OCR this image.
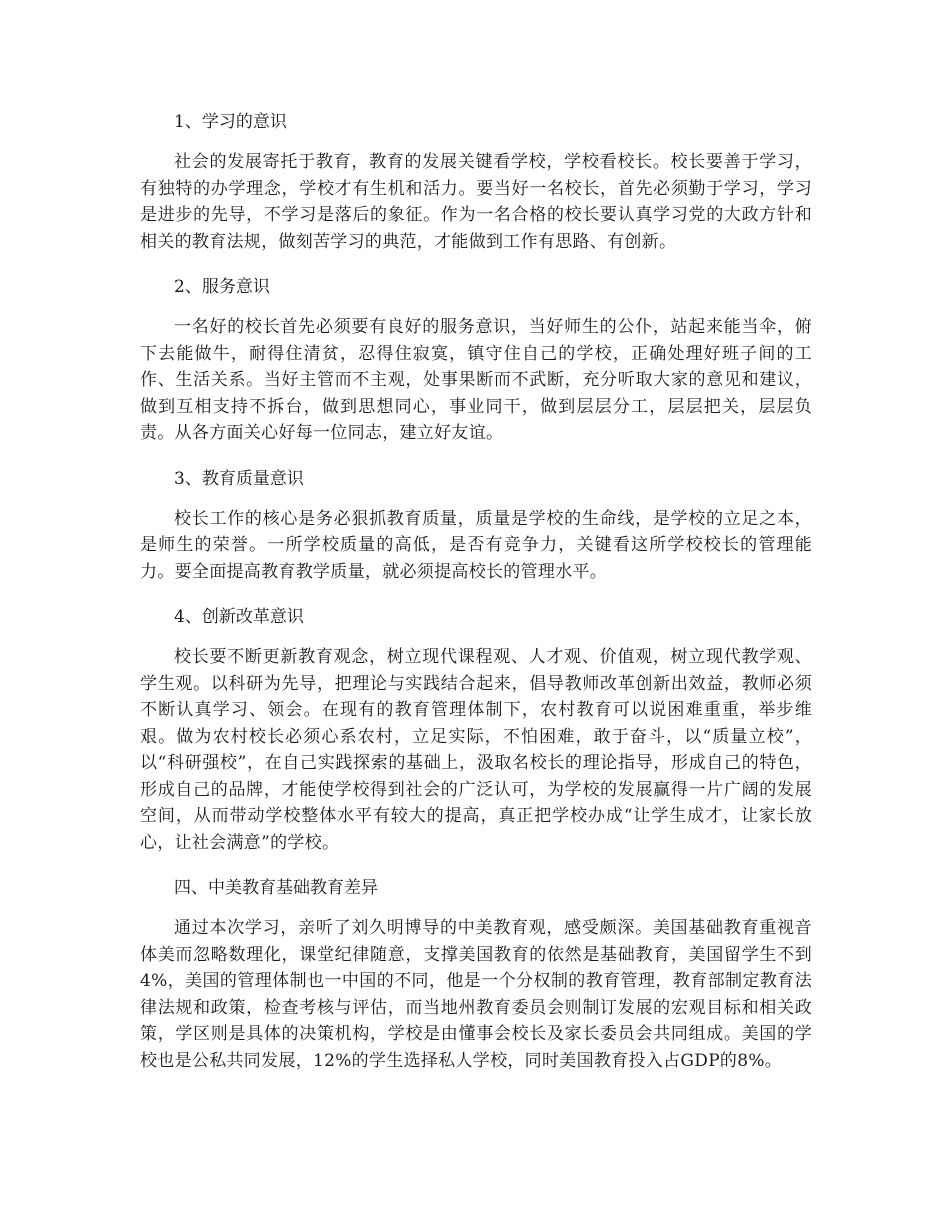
1、学习的意识

社会的发展寄托于教育，教育的发展关键看学校，学校看校长。校长要善于学习，有独特的办学理念，学校才有生机和活力。要当好一名校长，首先必须勤于学习，学习是进步的先导，不学习是落后的象征。作为一名合格的校长要认真学习党的大政方针和相关的教育法规，做刻苦学习的典范，才能做到工作有思路、有创新。

2、服务意识

一名好的校长首先必须要有良好的服务意识，当好师生的公仆，站起来能当伞，俯下去能做牛，耐得住清贫，忍得住寂寞，镇守住自己的学校，正确处理好班子间的工作、生活关系。当好主管而不主观，处事果断而不武断，充分听取大家的意见和建议，做到互相支持不拆台，做到思想同心，事业同干，做到层层分工，层层把关，层层负责。从各方面关心好每一位同志，建立好友谊。

3、教育质量意识

校长工作的核心是务必狠抓教育质量，质量是学校的生命线，是学校的立足之本，是师生的荣誉。一所学校质量的高低，是否有竞争力，关键看这所学校校长的管理能力。要全面提高教育教学质量，就必须提高校长的管理水平。

4、创新改革意识

校长要不断更新教育观念，树立现代课程观、人才观、价值观，树立现代教学观、学生观。以科研为先导，把理论与实践结合起来，倡导教师改革创新出效益，教师必须不断认真学习、领会。在现有的教育管理体制下，农村教育可以说困难重重，举步维艰。做为农村校长必须心系农村，立足实际，不怕困难，敢于奋斗，以“质量立校”，以“科研强校”，在自己实践探索的基础上，汲取名校长的理论指导，形成自己的特色，形成自己的品牌，才能使学校得到社会的广泛认可，为学校的发展赢得一片广阔的发展空间，从而带动学校整体水平有较大的提高，真正把学校办成“让学生成才，让家长放心，让社会满意”的学校。

四、中美教育基础教育差异

通过本次学习，亲听了刘久明博导的中美教育观，感受颇深。美国基础教育重视音体美而忽略数理化，课堂纪律随意，支撑美国教育的依然是基础教育，美国留学生不到4%，美国的管理体制也一中国的不同，他是一个分权制的教育管理，教育部制定教育法律法规和政策，检查考核与评估，而当地州教育委员会则制订发展的宏观目标和相关政策，学区则是具体的决策机构，学校是由懂事会校长及家长委员会共同组成。美国的学校也是公私共同发展，12%的学生选择私人学校，同时美国教育投入占GDP的8%。
